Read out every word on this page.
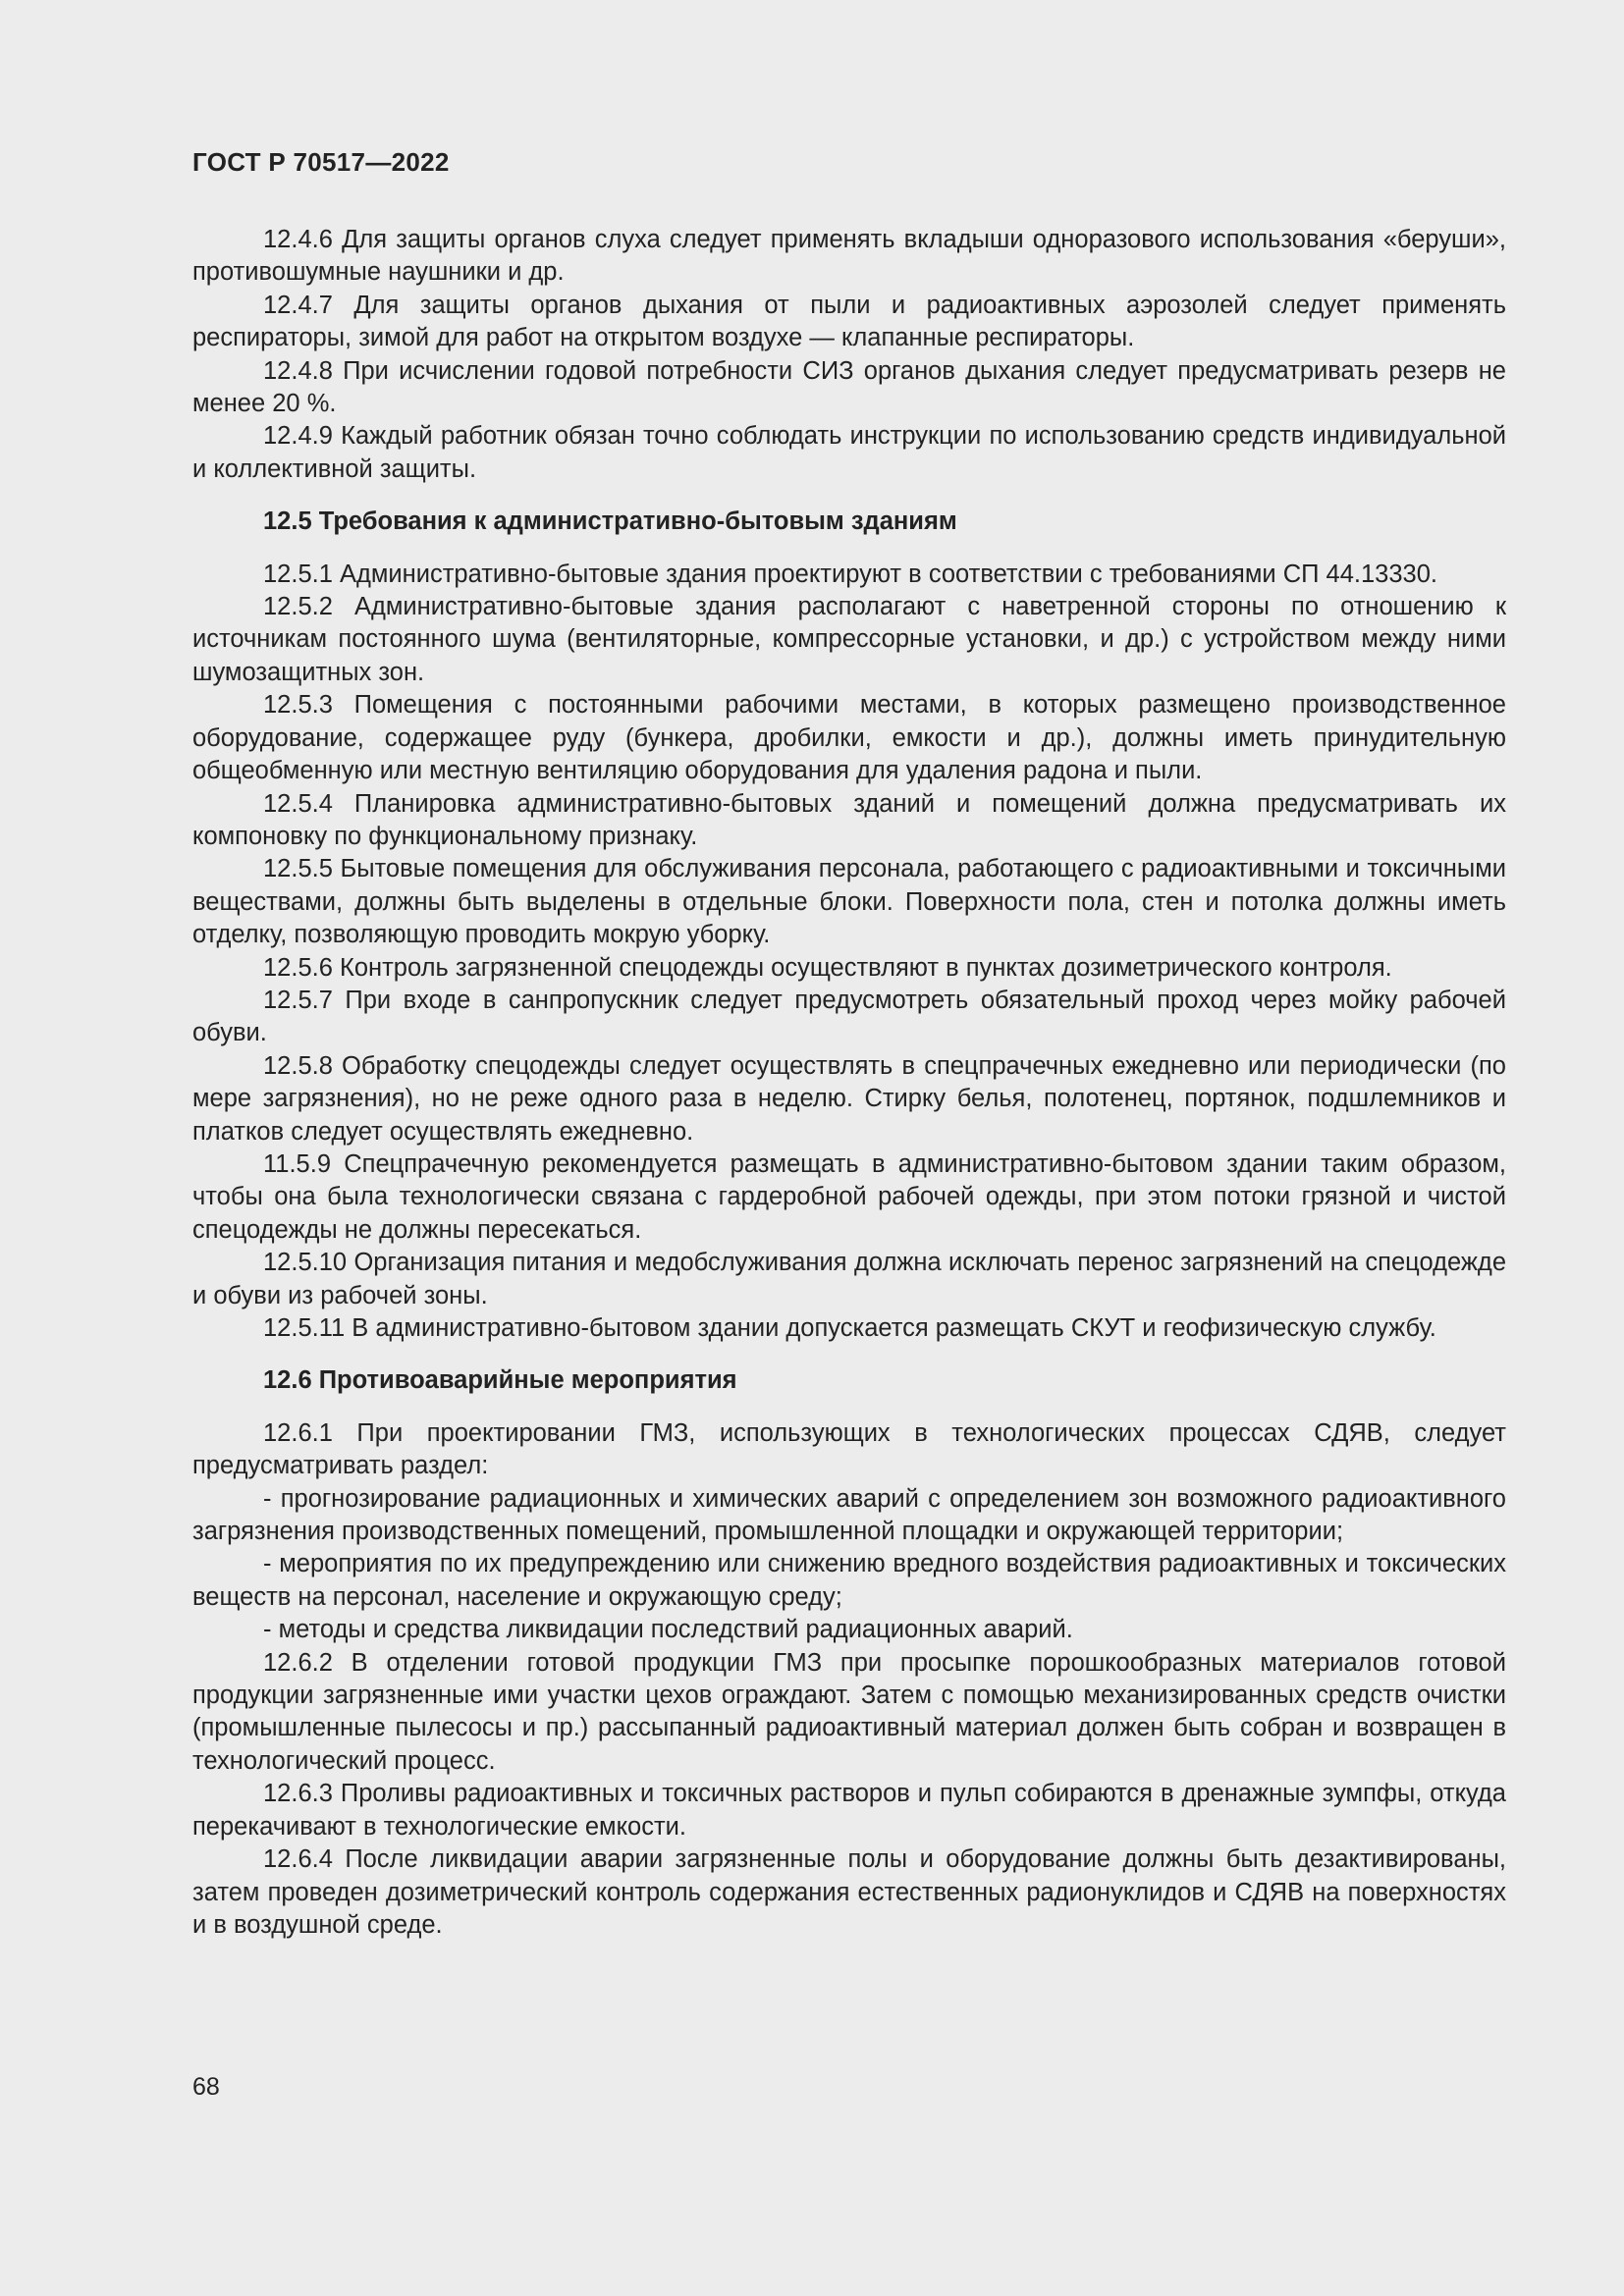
ГОСТ Р 70517—2022

12.4.6 Для защиты органов слуха следует применять вкладыши одноразового использования «беруши», противошумные наушники и др.

12.4.7 Для защиты органов дыхания от пыли и радиоактивных аэрозолей следует применять респираторы, зимой для работ на открытом воздухе — клапанные респираторы.

12.4.8 При исчислении годовой потребности СИЗ органов дыхания следует предусматривать резерв не менее 20 %.

12.4.9 Каждый работник обязан точно соблюдать инструкции по использованию средств индивидуальной и коллективной защиты.

12.5 Требования к административно-бытовым зданиям

12.5.1 Административно-бытовые здания проектируют в соответствии с требованиями СП 44.13330.

12.5.2 Административно-бытовые здания располагают с наветренной стороны по отношению к источникам постоянного шума (вентиляторные, компрессорные установки, и др.) с устройством между ними шумозащитных зон.

12.5.3 Помещения с постоянными рабочими местами, в которых размещено производственное оборудование, содержащее руду (бункера, дробилки, емкости и др.), должны иметь принудительную общеобменную или местную вентиляцию оборудования для удаления радона и пыли.

12.5.4 Планировка административно-бытовых зданий и помещений должна предусматривать их компоновку по функциональному признаку.

12.5.5 Бытовые помещения для обслуживания персонала, работающего с радиоактивными и токсичными веществами, должны быть выделены в отдельные блоки. Поверхности пола, стен и потолка должны иметь отделку, позволяющую проводить мокрую уборку.

12.5.6 Контроль загрязненной спецодежды осуществляют в пунктах дозиметрического контроля.

12.5.7 При входе в санпропускник следует предусмотреть обязательный проход через мойку рабочей обуви.

12.5.8 Обработку спецодежды следует осуществлять в спецпрачечных ежедневно или периодически (по мере загрязнения), но не реже одного раза в неделю. Стирку белья, полотенец, портянок, подшлемников и платков следует осуществлять ежедневно.

11.5.9 Спецпрачечную рекомендуется размещать в административно-бытовом здании таким образом, чтобы она была технологически связана с гардеробной рабочей одежды, при этом потоки грязной и чистой спецодежды не должны пересекаться.

12.5.10 Организация питания и медобслуживания должна исключать перенос загрязнений на спецодежде и обуви из рабочей зоны.

12.5.11 В административно-бытовом здании допускается размещать СКУТ и геофизическую службу.

12.6 Противоаварийные мероприятия

12.6.1 При проектировании ГМЗ, использующих в технологических процессах СДЯВ, следует предусматривать раздел:

- прогнозирование радиационных и химических аварий с определением зон возможного радиоактивного загрязнения производственных помещений, промышленной площадки и окружающей территории;

- мероприятия по их предупреждению или снижению вредного воздействия радиоактивных и токсических веществ на персонал, население и окружающую среду;

- методы и средства ликвидации последствий радиационных аварий.

12.6.2 В отделении готовой продукции ГМЗ при просыпке порошкообразных материалов готовой продукции загрязненные ими участки цехов ограждают. Затем с помощью механизированных средств очистки (промышленные пылесосы и пр.) рассыпанный радиоактивный материал должен быть собран и возвращен в технологический процесс.

12.6.3 Проливы радиоактивных и токсичных растворов и пульп собираются в дренажные зумпфы, откуда перекачивают в технологические емкости.

12.6.4 После ликвидации аварии загрязненные полы и оборудование должны быть дезактивированы, затем проведен дозиметрический контроль содержания естественных радионуклидов и СДЯВ на поверхностях и в воздушной среде.

68
